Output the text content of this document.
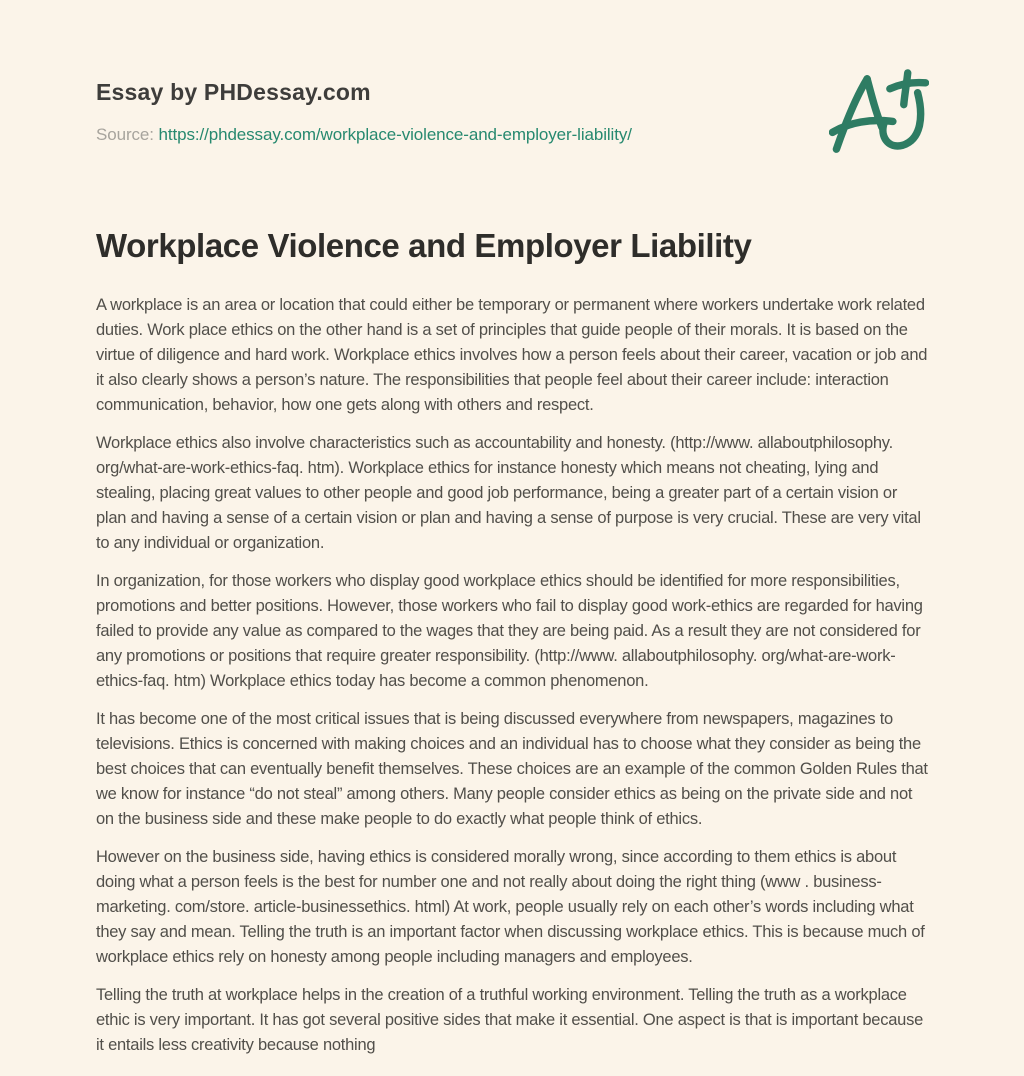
Essay by PHDessay.com
Source: https://phdessay.com/workplace-violence-and-employer-liability/
Workplace Violence and Employer Liability

A workplace is an area or location that could either be temporary or permanent where workers undertake work related duties. Work place ethics on the other hand is a set of principles that guide people of their morals. It is based on the virtue of diligence and hard work. Workplace ethics involves how a person feels about their career, vacation or job and it also clearly shows a person’s nature. The responsibilities that people feel about their career include: interaction communication, behavior, how one gets along with others and respect.

Workplace ethics also involve characteristics such as accountability and honesty. (http://www. allaboutphilosophy. org/what-are-work-ethics-faq. htm). Workplace ethics for instance honesty which means not cheating, lying and stealing, placing great values to other people and good job performance, being a greater part of a certain vision or plan and having a sense of a certain vision or plan and having a sense of purpose is very crucial. These are very vital to any individual or organization.

In organization, for those workers who display good workplace ethics should be identified for more responsibilities, promotions and better positions. However, those workers who fail to display good work-ethics are regarded for having failed to provide any value as compared to the wages that they are being paid. As a result they are not considered for any promotions or positions that require greater responsibility. (http://www. allaboutphilosophy. org/what-are-work-ethics-faq. htm) Workplace ethics today has become a common phenomenon.

It has become one of the most critical issues that is being discussed everywhere from newspapers, magazines to televisions. Ethics is concerned with making choices and an individual has to choose what they consider as being the best choices that can eventually benefit themselves. These choices are an example of the common Golden Rules that we know for instance “do not steal” among others. Many people consider ethics as being on the private side and not on the business side and these make people to do exactly what people think of ethics.

However on the business side, having ethics is considered morally wrong, since according to them ethics is about doing what a person feels is the best for number one and not really about doing the right thing (www . business-marketing. com/store. article-businessethics. html) At work, people usually rely on each other’s words including what they say and mean. Telling the truth is an important factor when discussing workplace ethics. This is because much of workplace ethics rely on honesty among people including managers and employees.

Telling the truth at workplace helps in the creation of a truthful working environment. Telling the truth as a workplace ethic is very important. It has got several positive sides that make it essential. One aspect is that is important because it entails less creativity because nothing
